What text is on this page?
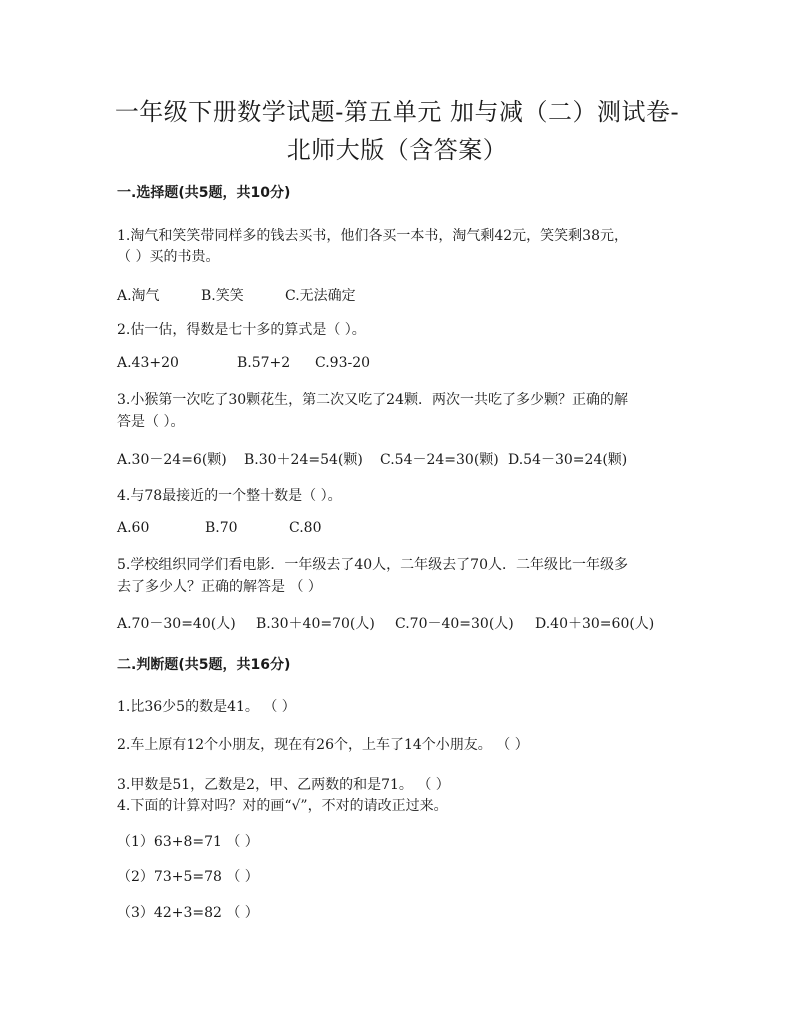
一年级下册数学试题-第五单元 加与减（二）测试卷-
北师大版（含答案）
一.选择题(共5题，共10分)
1.淘气和笑笑带同样多的钱去买书，他们各买一本书，淘气剩42元，笑笑剩38元，
（ ）买的书贵。
A.淘气	B.笑笑	C.无法确定
2.估一估，得数是七十多的算式是（ ）。
A.43+20	B.57+2 C.93-20
3.小猴第一次吃了30颗花生，第二次又吃了24颗．两次一共吃了多少颗？正确的解
答是（ ）。
A.30－24=6(颗) B.30＋24=54(颗) C.54－24=30(颗) D.54－30=24(颗)
4.与78最接近的一个整十数是（ ）。
A.60	B.70	C.80
5.学校组织同学们看电影．一年级去了40人，二年级去了70人．二年级比一年级多
去了多少人？正确的解答是 （ ）
A.70－30=40(人) B.30＋40=70(人) C.70－40=30(人) D.40＋30=60(人)
二.判断题(共5题，共16分)
1.比36少5的数是41。 （ ）
2.车上原有12个小朋友，现在有26个，上车了14个小朋友。 （ ）
3.甲数是51，乙数是2，甲、乙两数的和是71。 （ ）
4.下面的计算对吗？对的画“√”，不对的请改正过来。
（1）63+8=71 （ ）
（2）73+5=78 （ ）
（3）42+3=82 （ ）
